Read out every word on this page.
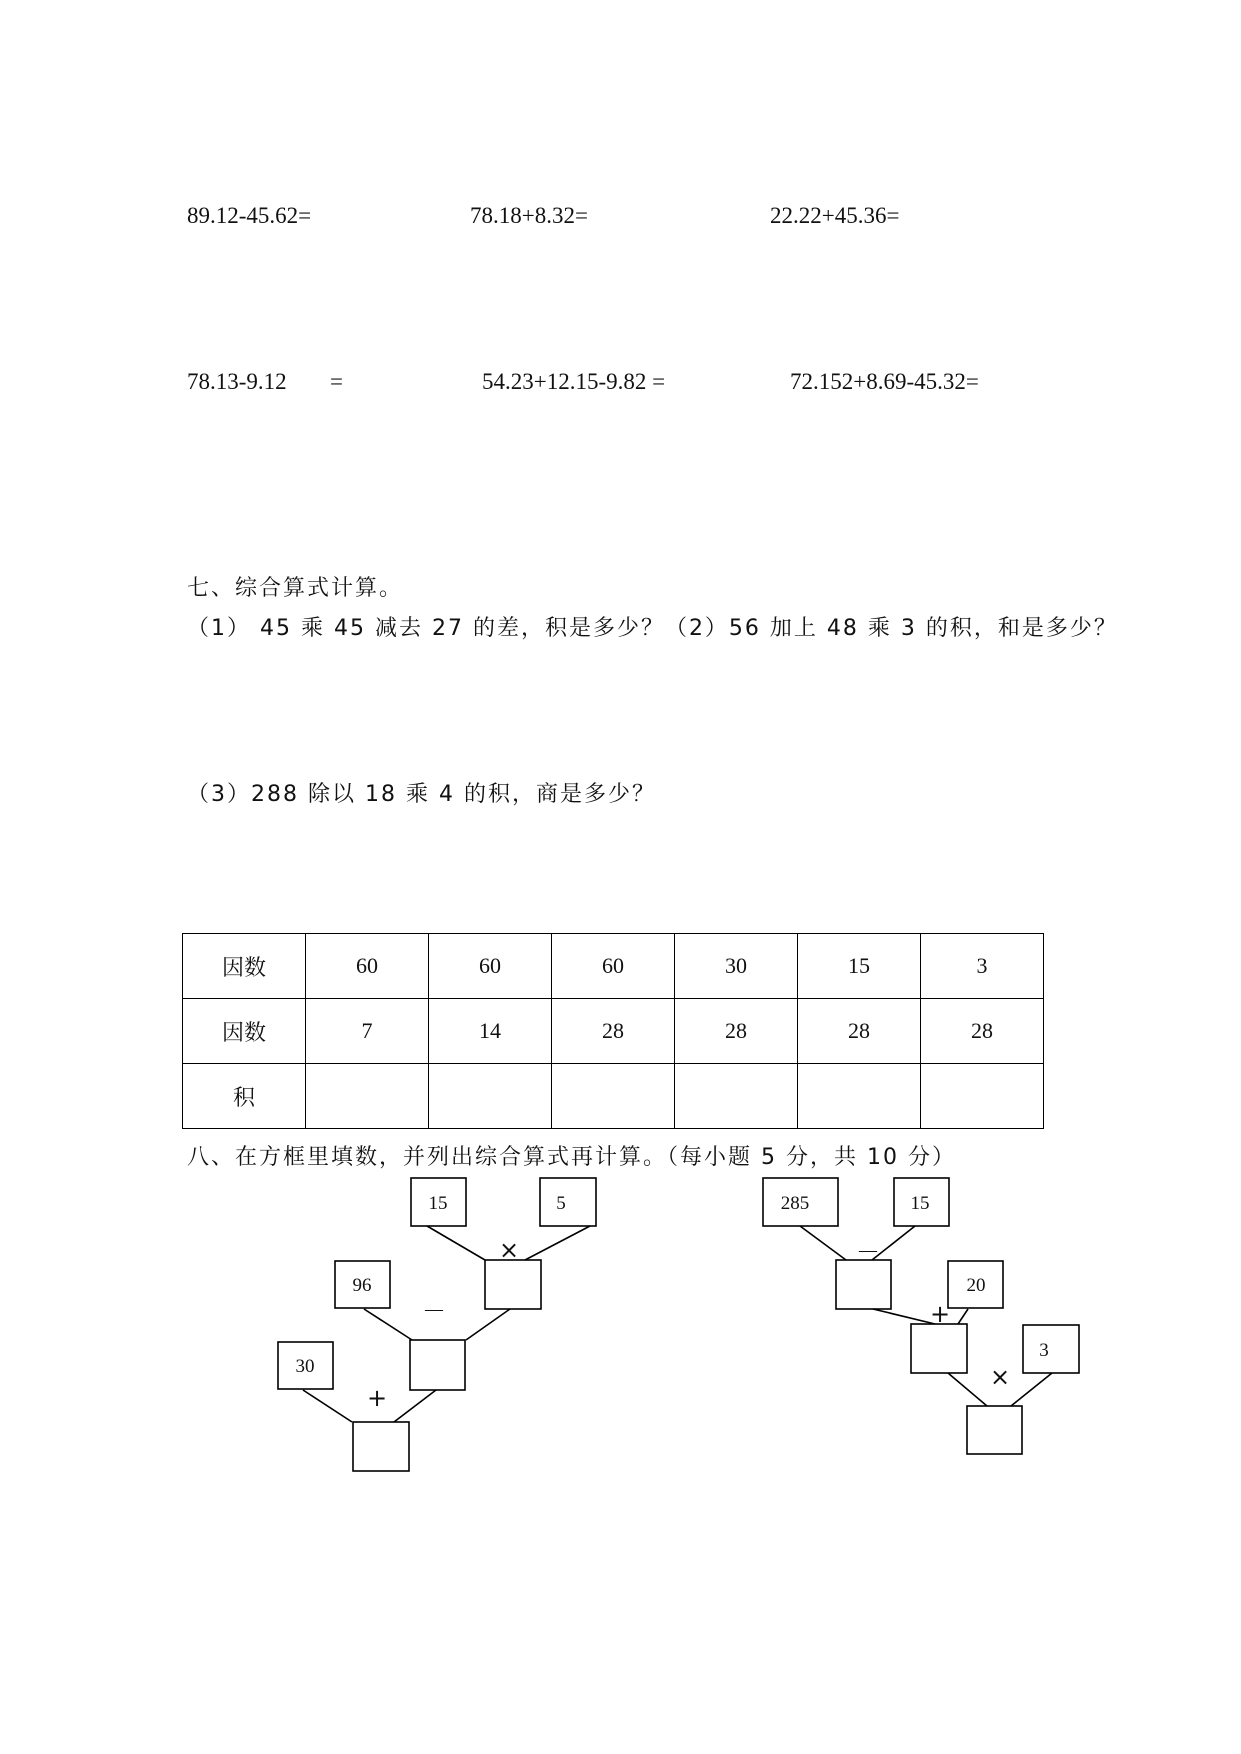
89.12-45.62=	78.18+8.32=	22.22+45.36=
78.13-9.12 =	54.23+12.15-9.82 =	72.152+8.69-45.32=
七、综合算式计算。
（1） 45 乘 45 减去 27 的差，积是多少？（2）56 加上 48 乘 3 的积，和是多少？
（3）288 除以 18 乘 4 的积，商是多少？
因数	60	60	60	30	15	3
因数	7	14	28	28	28	28
积						
八、在方框里填数，并列出综合算式再计算。（每小题 5 分，共 10 分）
15	5
×
96
－
30
+
285	15
－
20
+
3
×
